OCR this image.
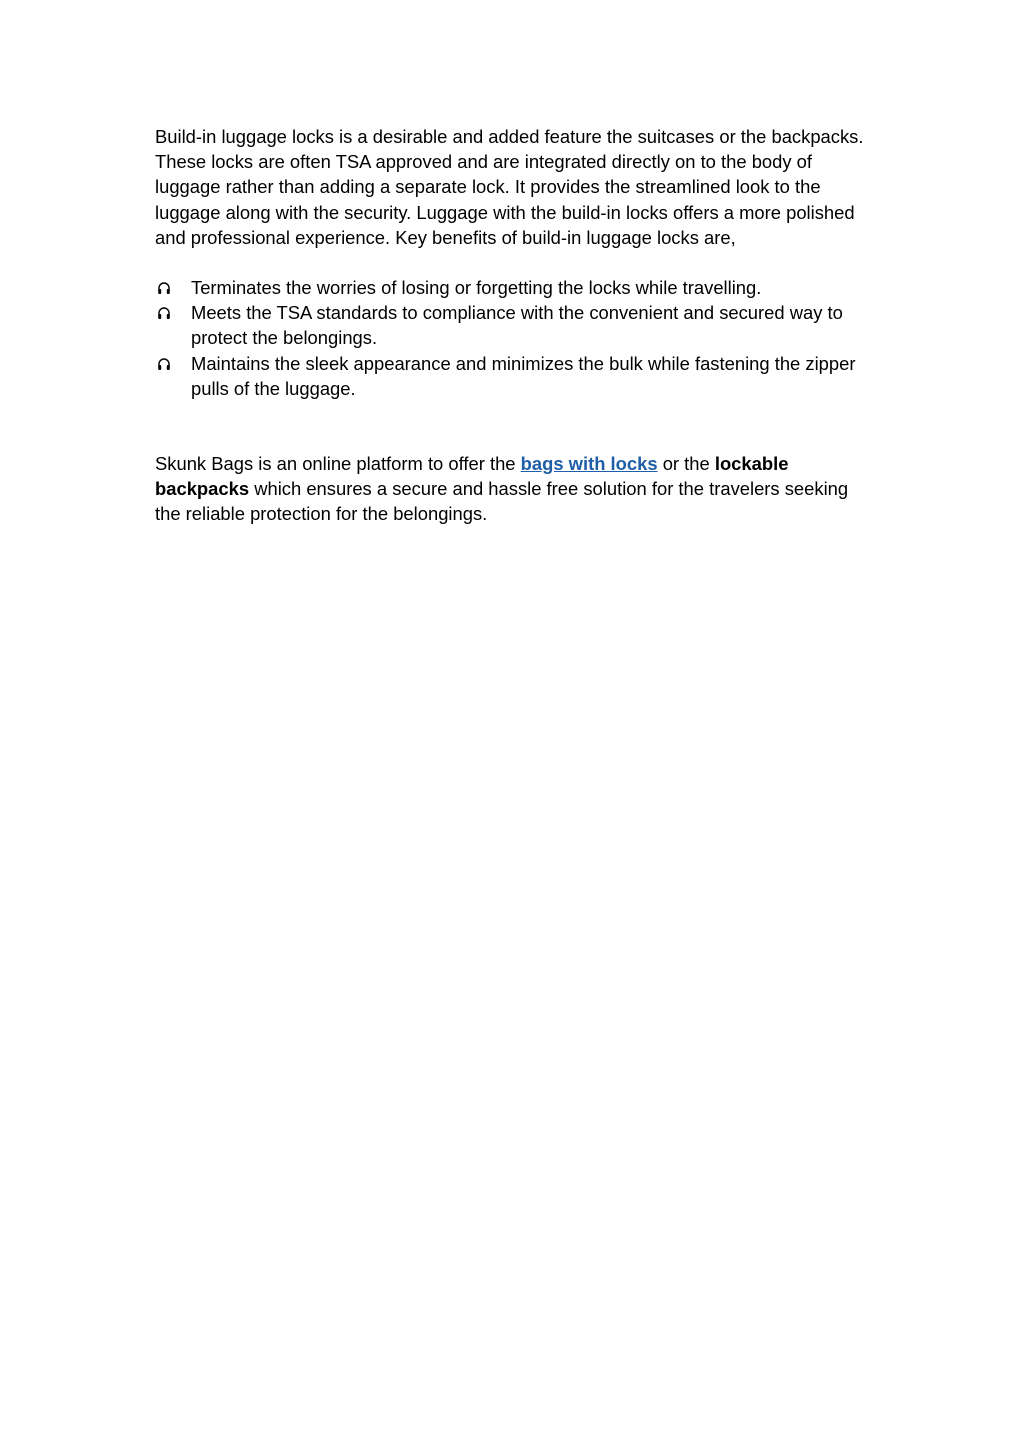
Build-in luggage locks is a desirable and added feature the suitcases or the backpacks. These locks are often TSA approved and are integrated directly on to the body of luggage rather than adding a separate lock. It provides the streamlined look to the luggage along with the security. Luggage with the build-in locks offers a more polished and professional experience. Key benefits of build-in luggage locks are,

Terminates the worries of losing or forgetting the locks while travelling.
Meets the TSA standards to compliance with the convenient and secured way to protect the belongings.
Maintains the sleek appearance and minimizes the bulk while fastening the zipper pulls of the luggage.

Skunk Bags is an online platform to offer the bags with locks or the lockable backpacks which ensures a secure and hassle free solution for the travelers seeking the reliable protection for the belongings.
